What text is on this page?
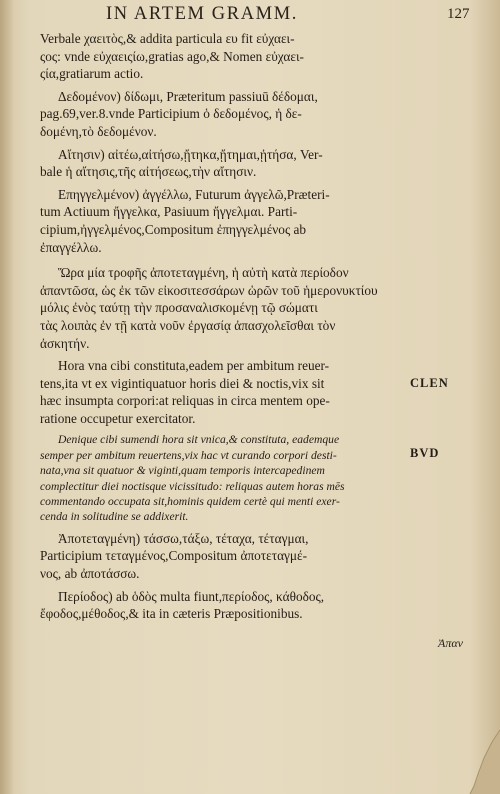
IN ARTEM GRAMM.	127
Verbale χαειτὸς,& addita particula ευ fit εὐχαει-
ςος: vnde εὐχαειςίω,gratias ago,& Nomen εὐχαει-
ςία,gratiarum actio.
Δεδομένον) δίδωμι, Præteritum passiuū δέδομαι,
pag.69,ver.8.vnde Participium ὁ δεδομένος, ἡ δε-
δομένη,τὸ δεδομένον.
Αἴτησιν) αἰτέω,αἰτήσω,ᾔτηκα,ᾔτημαι,ᾐτήσα, Ver-
bale ἡ αἴτησις,τῆς αἰτήσεως,τὴν αἴτησιν.
Επηγγελμένον) ἀγγέλλω, Futurum ἀγγελῶ,Præteri-
tum Actiuum ἤγγελκα, Pasiuum ἤγγελμαι. Parti-
cipium,ἠγγελμένος,Compositum ἐπηγγελμένος ab
ἐπαγγέλλω.
Ὥρα μία τροφῆς ἀποτεταγμένη, ἡ αὐτὴ κατὰ περίοδον
ἀπαντῶσα, ὡς ἐκ τῶν εἰκοσιτεσσάρων ὡρῶν τοῦ ἡμερονυκτίου
μόλις ἐνὸς ταύτῃ τὴν προσαναλισκομένῃ τῷ σώματι
τὰς λοιπὰς ἐν τῇ κατὰ νοῦν ἐργασίᾳ ἀπασχολεῖσθαι τὸν
ἀσκητήν.
Hora vna cibi constituta,eadem per ambitum reuer-
tens,ita vt ex vigintiquatuor horis diei & noctis,vix sit
hæc insumpta corpori:at reliquas in circa mentem ope-
ratione occupetur exercitator.
Denique cibi sumendi hora sit vnica,& constituta, eademque
semper per ambitum reuertens,vix hac vt curando corpori desti-
nata,vna sit quatuor & viginti,quam temporis intercapedinem
complectitur diei noctisque vicissitudo: reliquas autem horas mēs
commentando occupata sit,hominis quidem certè qui menti exer-
cenda in solitudine se addixerit.
Ἀποτεταγμένη) τάσσω,τάξω, τέταχα, τέταγμαι,
Participium τεταγμένος,Compositum ἀποτεταγμέ-
νος, ab ἀποτάσσω.
Περίοδος) ab ὁδὸς multa fiunt,περίοδος, κάθοδος,
ἔφοδος,μέθοδος,& ita in cæteris Præpositionibus.
CLEN
BVD
Ἀπαν
